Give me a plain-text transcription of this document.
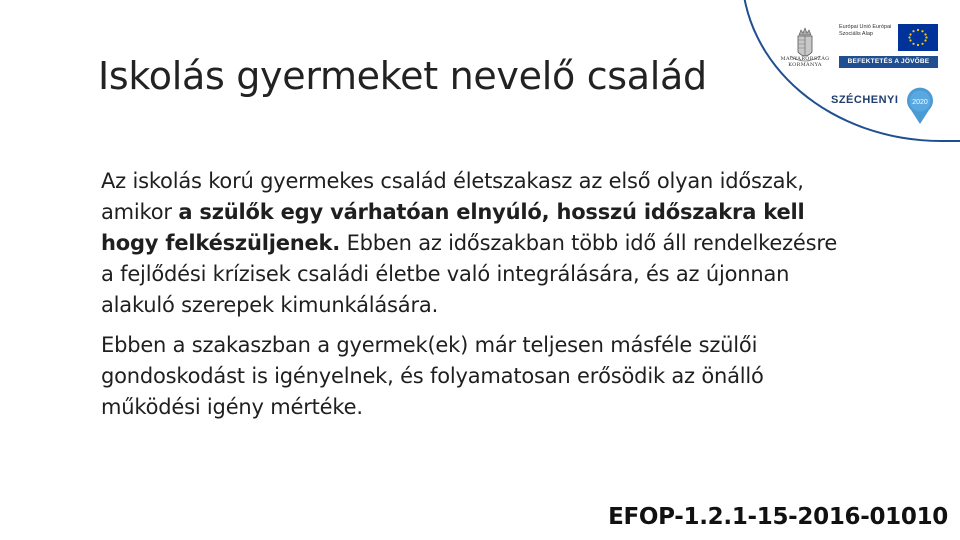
MAGYARORSZÁG KORMÁNYA
Európai Unió Európai Szociális Alap
BEFEKTETÉS A JÖVŐBE
SZÉCHENYI 2020
Iskolás gyermeket nevelő család

Az iskolás korú gyermekes család életszakasz az első olyan időszak, amikor a szülők egy várhatóan elnyúló, hosszú időszakra kell hogy felkészüljenek. Ebben az időszakban több idő áll rendelkezésre a fejlődési krízisek családi életbe való integrálására, és az újonnan alakuló szerepek kimunkálására.

Ebben a szakaszban a gyermek(ek) már teljesen másféle szülői gondoskodást is igényelnek, és folyamatosan erősödik az önálló működési igény mértéke.

EFOP-1.2.1-15-2016-01010
